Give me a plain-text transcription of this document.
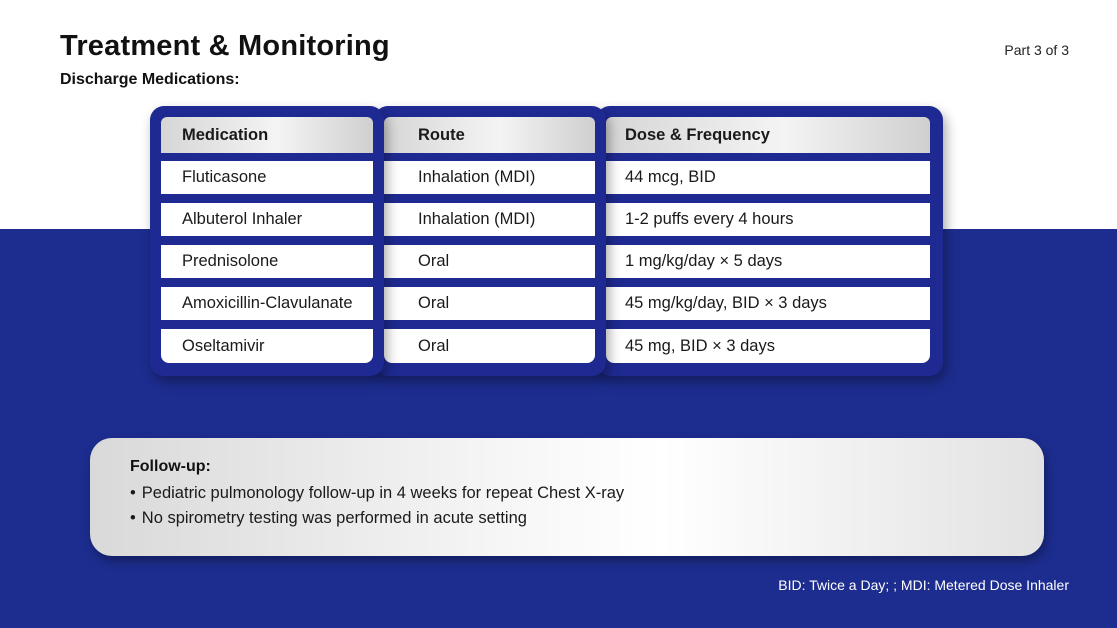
Treatment & Monitoring
Discharge Medications:
Part 3 of 3
Medication
Fluticasone
Albuterol Inhaler
Prednisolone
Amoxicillin-Clavulanate
Oseltamivir
Route
Inhalation (MDI)
Inhalation (MDI)
Oral
Oral
Oral
Dose & Frequency
44 mcg, BID
1-2 puffs every 4 hours
1 mg/kg/day × 5 days
45 mg/kg/day, BID × 3 days
45 mg, BID × 3 days
Follow-up:
• Pediatric pulmonology follow-up in 4 weeks for repeat Chest X-ray
• No spirometry testing was performed in acute setting
BID: Twice a Day; ; MDI: Metered Dose Inhaler
